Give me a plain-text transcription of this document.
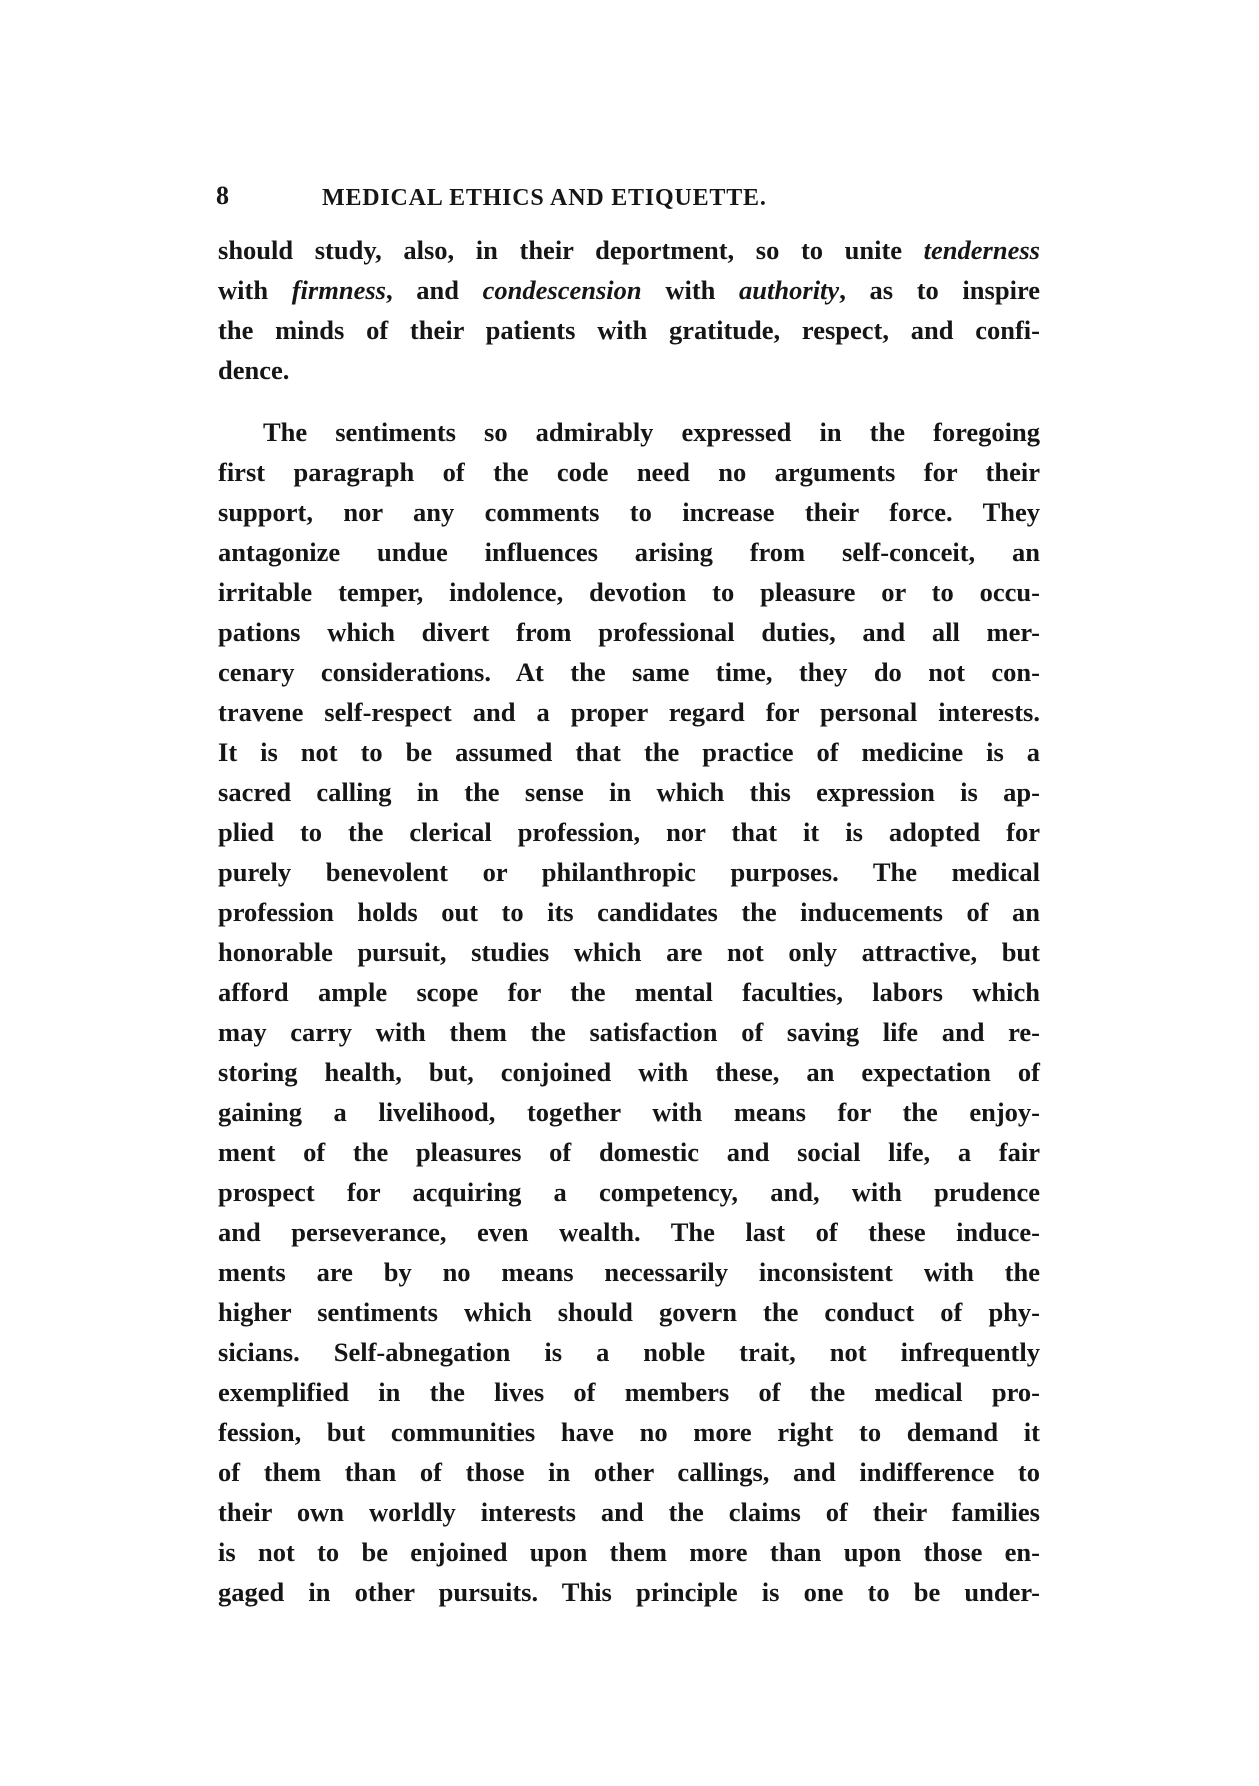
8	MEDICAL ETHICS AND ETIQUETTE.
should study, also, in their deportment, so to unite tenderness
with firmness, and condescension with authority, as to inspire
the minds of their patients with gratitude, respect, and confi-
dence.
The sentiments so admirably expressed in the foregoing
first paragraph of the code need no arguments for their
support, nor any comments to increase their force. They
antagonize undue influences arising from self-conceit, an
irritable temper, indolence, devotion to pleasure or to occu-
pations which divert from professional duties, and all mer-
cenary considerations. At the same time, they do not con-
travene self-respect and a proper regard for personal interests.
It is not to be assumed that the practice of medicine is a
sacred calling in the sense in which this expression is ap-
plied to the clerical profession, nor that it is adopted for
purely benevolent or philanthropic purposes. The medical
profession holds out to its candidates the inducements of an
honorable pursuit, studies which are not only attractive, but
afford ample scope for the mental faculties, labors which
may carry with them the satisfaction of saving life and re-
storing health, but, conjoined with these, an expectation of
gaining a livelihood, together with means for the enjoy-
ment of the pleasures of domestic and social life, a fair
prospect for acquiring a competency, and, with prudence
and perseverance, even wealth. The last of these induce-
ments are by no means necessarily inconsistent with the
higher sentiments which should govern the conduct of phy-
sicians. Self-abnegation is a noble trait, not infrequently
exemplified in the lives of members of the medical pro-
fession, but communities have no more right to demand it
of them than of those in other callings, and indifference to
their own worldly interests and the claims of their families
is not to be enjoined upon them more than upon those en-
gaged in other pursuits. This principle is one to be under-
